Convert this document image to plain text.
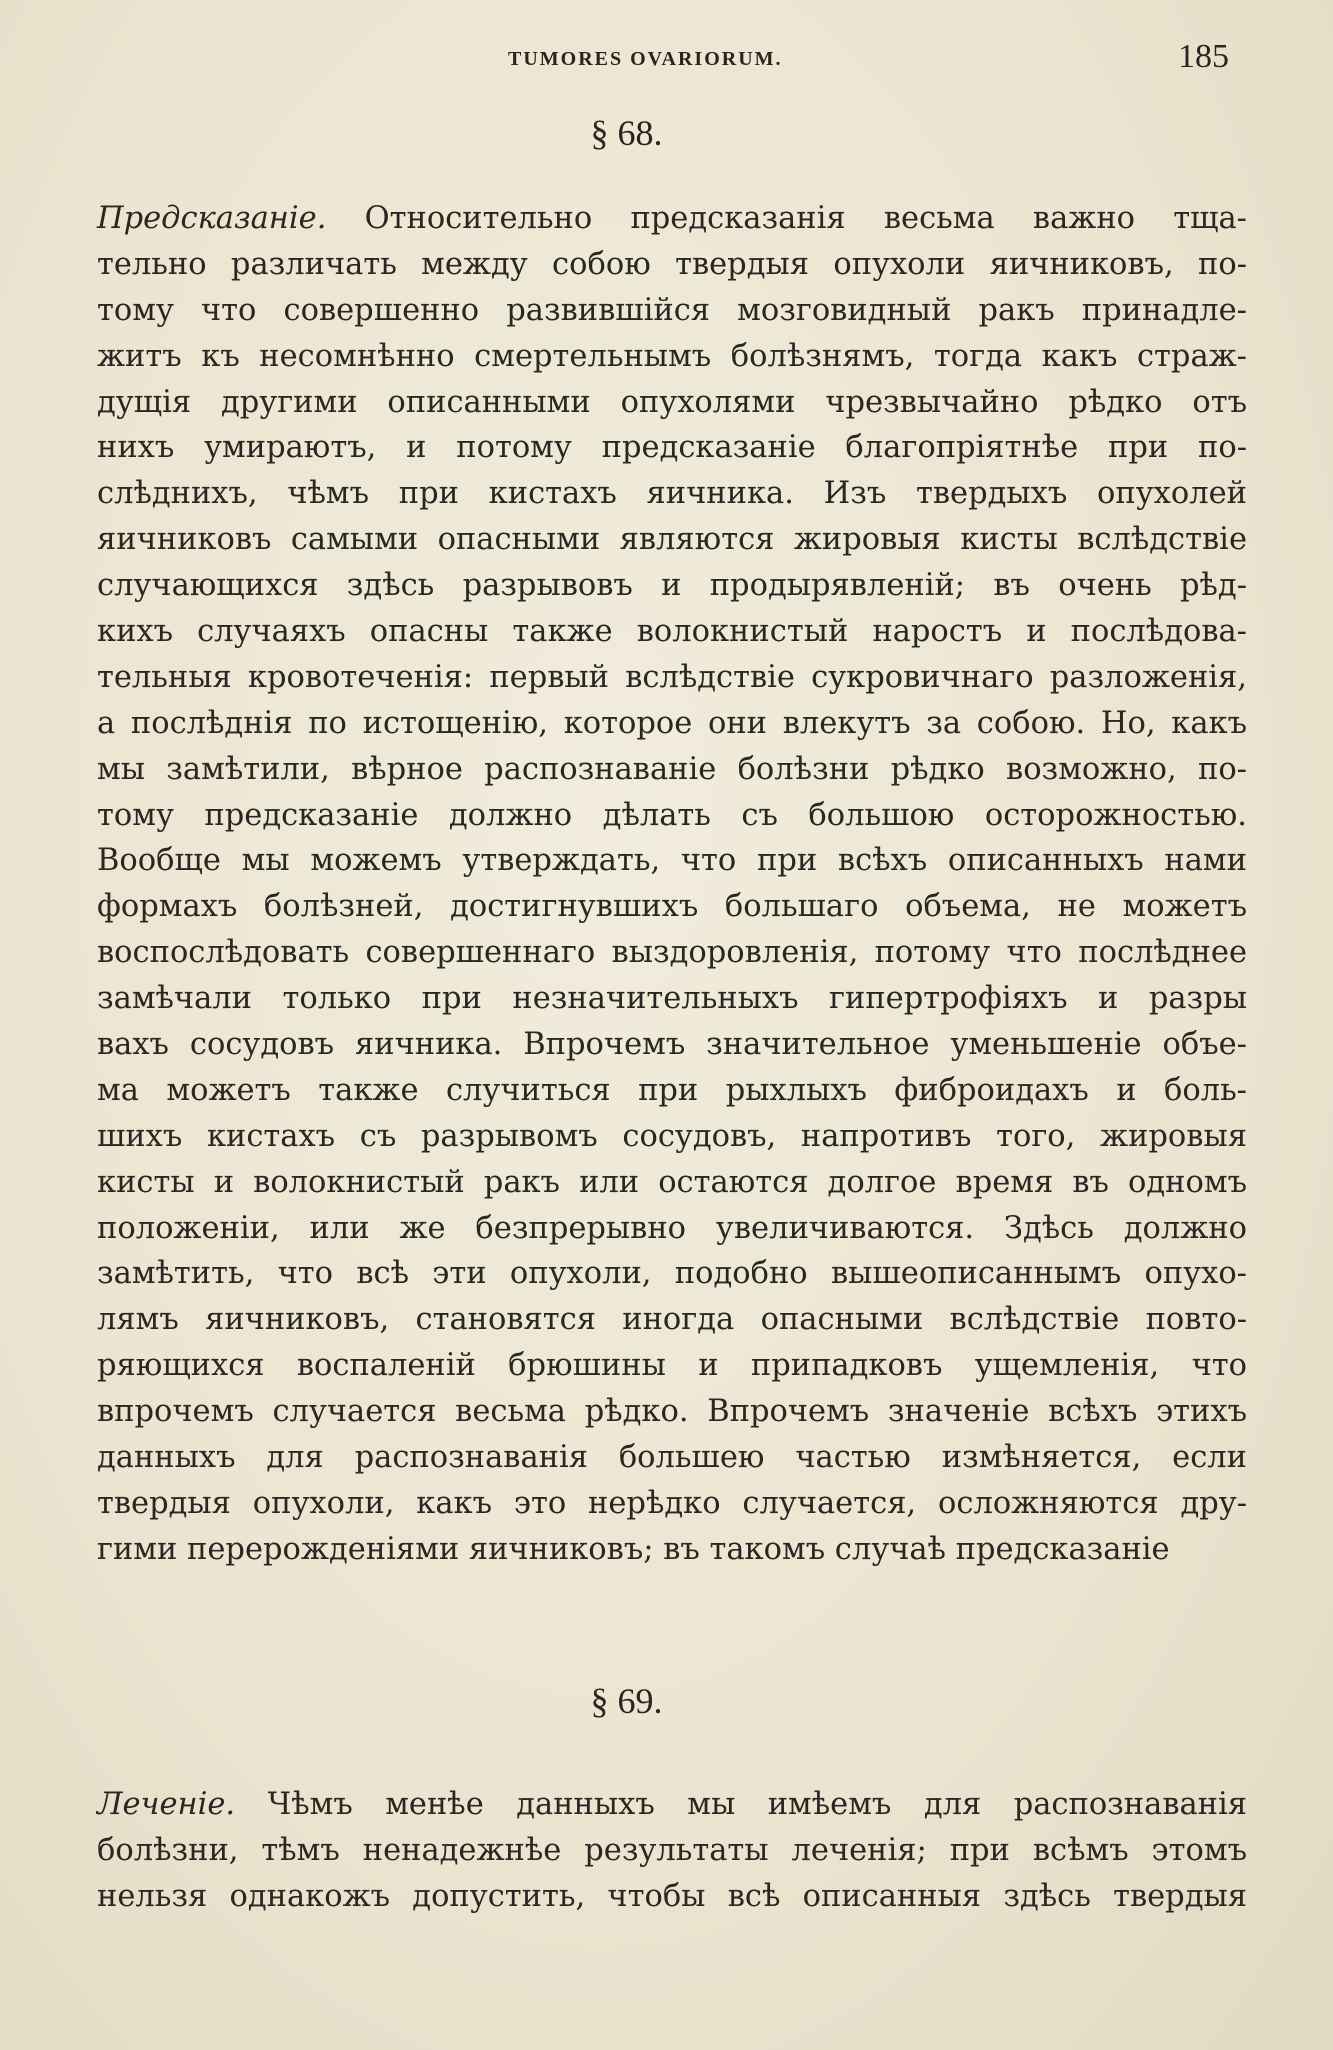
TUMORES OVARIORUM.	185
§ 68.
Предсказанiе. Относительно предсказанiя весьма важно тща-
тельно различать между собою твердыя опухоли яичниковъ, по-
тому что совершенно развившiйся мозговидный ракъ принадле-
житъ къ несомнѣнно смертельнымъ болѣзнямъ, тогда какъ страж-
дущiя другими описанными опухолями чрезвычайно рѣдко отъ
нихъ умираютъ, и потому предсказанiе благопрiятнѣе при по-
слѣднихъ, чѣмъ при кистахъ яичника. Изъ твердыхъ опухолей
яичниковъ самыми опасными являются жировыя кисты вслѣдствiе
случающихся здѣсь разрывовъ и продырявленiй; въ очень рѣд-
кихъ случаяхъ опасны также волокнистый наростъ и послѣдова-
тельныя кровотеченiя: первый вслѣдствiе сукровичнаго разложенiя,
а послѣднiя по истощенiю, которое они влекутъ за собою. Но, какъ
мы замѣтили, вѣрное распознаванiе болѣзни рѣдко возможно, по-
тому предсказанiе должно дѣлать съ большою осторожностью.
Вообще мы можемъ утверждать, что при всѣхъ описанныхъ нами
формахъ болѣзней, достигнувшихъ большаго объема, не можетъ
воспослѣдовать совершеннаго выздоровленiя, потому что послѣднее
замѣчали только при незначительныхъ гипертрофiяхъ и разры
вахъ сосудовъ яичника. Впрочемъ значительное уменьшенiе объе-
ма можетъ также случиться при рыхлыхъ фиброидахъ и боль-
шихъ кистахъ съ разрывомъ сосудовъ, напротивъ того, жировыя
кисты и волокнистый ракъ или остаются долгое время въ одномъ
положенiи, или же безпрерывно увеличиваются. Здѣсь должно
замѣтить, что всѣ эти опухоли, подобно вышеописаннымъ опухо-
лямъ яичниковъ, становятся иногда опасными вслѣдствiе повто-
ряющихся воспаленiй брюшины и припадковъ ущемленiя, что
впрочемъ случается весьма рѣдко. Впрочемъ значенiе всѣхъ этихъ
данныхъ для распознаванiя большею частью измѣняется, если
твердыя опухоли, какъ это нерѣдко случается, осложняются дру-
гими перерожденiями яичниковъ; въ такомъ случаѣ предсказанiе
§ 69.
Леченiе. Чѣмъ менѣе данныхъ мы имѣемъ для распознаванiя
болѣзни, тѣмъ ненадежнѣе результаты леченiя; при всѣмъ этомъ
нельзя однакожъ допустить, чтобы всѣ описанныя здѣсь твердыя
